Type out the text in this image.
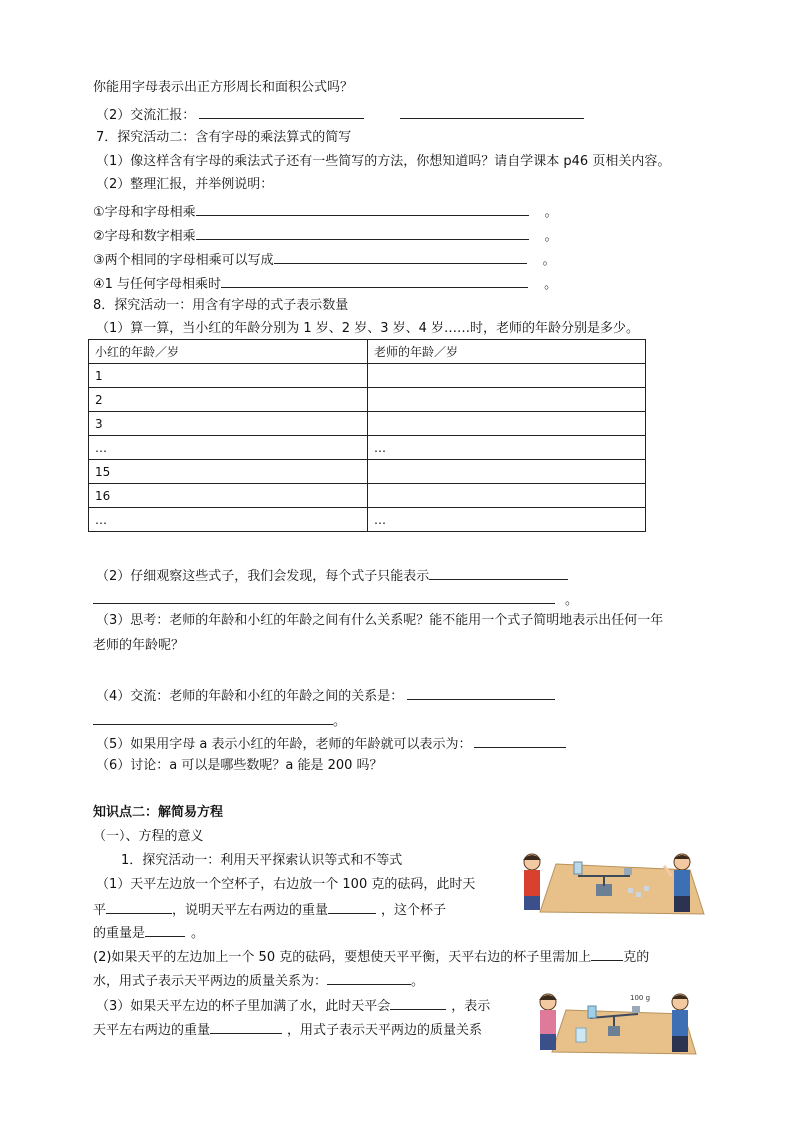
你能用字母表示出正方形周长和面积公式吗？
（2）交流汇报：
7．探究活动二：含有字母的乘法算式的简写
（1）像这样含有字母的乘法式子还有一些简写的方法，你想知道吗？请自学课本 p46 页相关内容。
（2）整理汇报，并举例说明：
①字母和字母相乘	。
②字母和数字相乘	。
③两个相同的字母相乘可以写成	。
④1 与任何字母相乘时	。
8．探究活动一：用含有字母的式子表示数量
（1）算一算，当小红的年龄分别为 1 岁、2 岁、3 岁、4 岁……时，老师的年龄分别是多少。
小红的年龄／岁	老师的年龄／岁
1	
2	
3	
…	…
15	
16	
…	…
（2）仔细观察这些式子，我们会发现，每个式子只能表示
。
（3）思考：老师的年龄和小红的年龄之间有什么关系呢？能不能用一个式子简明地表示出任何一年
老师的年龄呢？
（4）交流：老师的年龄和小红的年龄之间的关系是：
。
（5）如果用字母 a 表示小红的年龄，老师的年龄就可以表示为：
（6）讨论：a 可以是哪些数呢？a 能是 200 吗？
知识点二：解简易方程
（一）、方程的意义
1．探究活动一：利用天平探索认识等式和不等式
（1）天平左边放一个空杯子，右边放一个 100 克的砝码，此时天
平	，说明天平左右两边的重量	，这个杯子
的重量是	。
(2)如果天平的左边加上一个 50 克的砝码，要想使天平平衡，天平右边的杯子里需加上 克的
水，用式子表示天平两边的质量关系为：	。
（3）如果天平左边的杯子里加满了水，此时天平会	，表示
天平左右两边的重量	，用式子表示天平两边的质量关系
100 g
